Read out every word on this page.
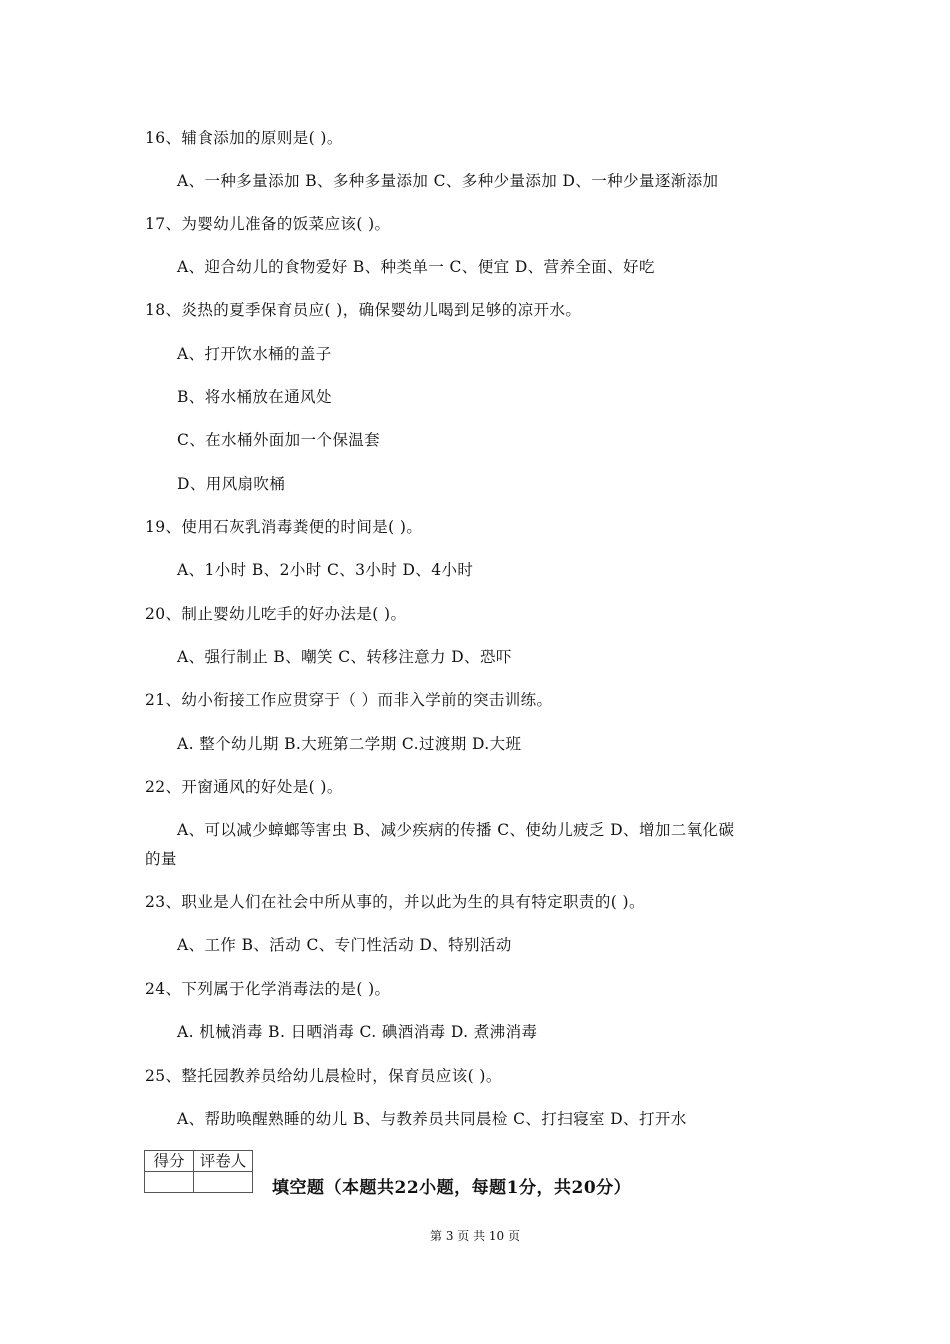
16、辅食添加的原则是( )。
A、一种多量添加 B、多种多量添加 C、多种少量添加 D、一种少量逐渐添加
17、为婴幼儿准备的饭菜应该( )。
A、迎合幼儿的食物爱好 B、种类单一 C、便宜 D、营养全面、好吃
18、炎热的夏季保育员应( )，确保婴幼儿喝到足够的凉开水。
A、打开饮水桶的盖子
B、将水桶放在通风处
C、在水桶外面加一个保温套
D、用风扇吹桶
19、使用石灰乳消毒粪便的时间是( )。
A、1小时 B、2小时 C、3小时 D、4小时
20、制止婴幼儿吃手的好办法是( )。
A、强行制止 B、嘲笑 C、转移注意力 D、恐吓
21、幼小衔接工作应贯穿于（ ）而非入学前的突击训练。
A. 整个幼儿期 B.大班第二学期 C.过渡期 D.大班
22、开窗通风的好处是( )。
A、可以减少蟑螂等害虫 B、减少疾病的传播 C、使幼儿疲乏 D、增加二氧化碳
的量
23、职业是人们在社会中所从事的，并以此为生的具有特定职责的( )。
A、工作 B、活动 C、专门性活动 D、特别活动
24、下列属于化学消毒法的是( )。
A. 机械消毒 B. 日晒消毒 C. 碘酒消毒 D. 煮沸消毒
25、整托园教养员给幼儿晨检时，保育员应该( )。
A、帮助唤醒熟睡的幼儿 B、与教养员共同晨检 C、打扫寝室 D、打开水
得分	评卷人

填空题（本题共22小题，每题1分，共20分）
第 3 页 共 10 页
